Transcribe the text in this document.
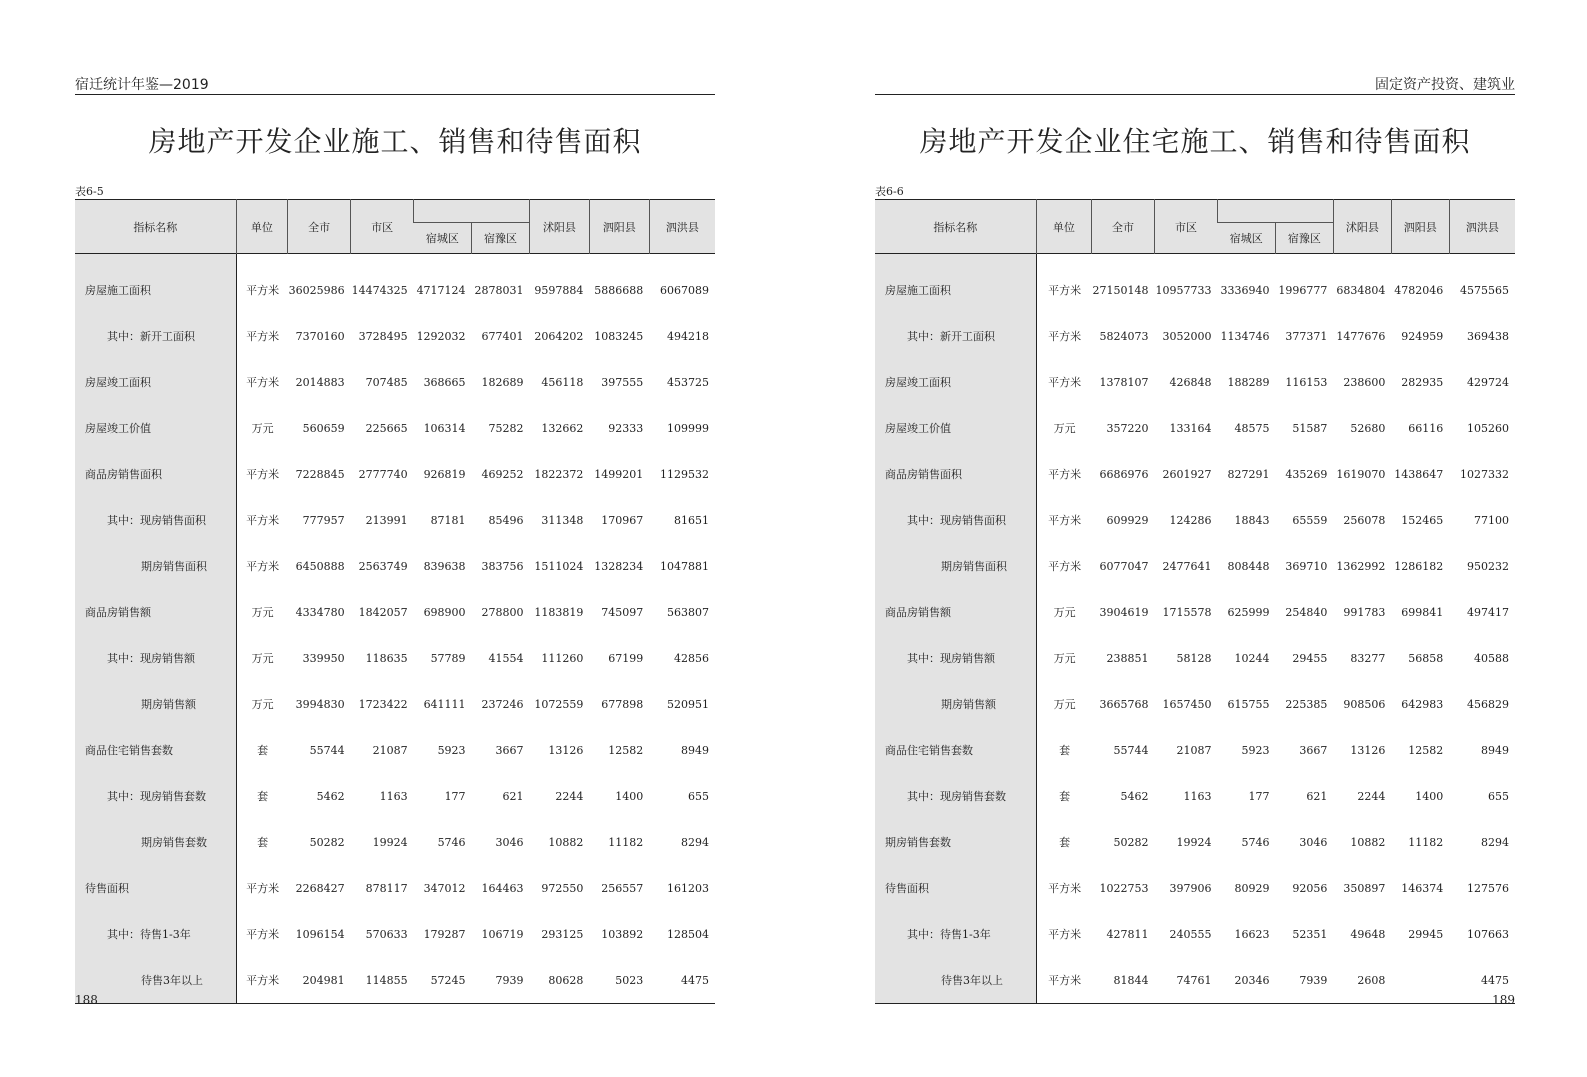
宿迁统计年鉴—2019
房地产开发企业施工、销售和待售面积
表6-5
指标名称	单位	全市	市区			沭阳县	泗阳县	泗洪县
				宿城区	宿豫区			
房屋施工面积	平方米	36025986	14474325	4717124	2878031	9597884	5886688	6067089
其中：新开工面积	平方米	7370160	3728495	1292032	677401	2064202	1083245	494218
房屋竣工面积	平方米	2014883	707485	368665	182689	456118	397555	453725
房屋竣工价值	万元	560659	225665	106314	75282	132662	92333	109999
商品房销售面积	平方米	7228845	2777740	926819	469252	1822372	1499201	1129532
其中：现房销售面积	平方米	777957	213991	87181	85496	311348	170967	81651
期房销售面积	平方米	6450888	2563749	839638	383756	1511024	1328234	1047881
商品房销售额	万元	4334780	1842057	698900	278800	1183819	745097	563807
其中：现房销售额	万元	339950	118635	57789	41554	111260	67199	42856
期房销售额	万元	3994830	1723422	641111	237246	1072559	677898	520951
商品住宅销售套数	套	55744	21087	5923	3667	13126	12582	8949
其中：现房销售套数	套	5462	1163	177	621	2244	1400	655
期房销售套数	套	50282	19924	5746	3046	10882	11182	8294
待售面积	平方米	2268427	878117	347012	164463	972550	256557	161203
其中：待售1-3年	平方米	1096154	570633	179287	106719	293125	103892	128504
待售3年以上	平方米	204981	114855	57245	7939	80628	5023	4475
188
固定资产投资、建筑业
房地产开发企业住宅施工、销售和待售面积
表6-6
指标名称	单位	全市	市区			沭阳县	泗阳县	泗洪县
				宿城区	宿豫区			
房屋施工面积	平方米	27150148	10957733	3336940	1996777	6834804	4782046	4575565
其中：新开工面积	平方米	5824073	3052000	1134746	377371	1477676	924959	369438
房屋竣工面积	平方米	1378107	426848	188289	116153	238600	282935	429724
房屋竣工价值	万元	357220	133164	48575	51587	52680	66116	105260
商品房销售面积	平方米	6686976	2601927	827291	435269	1619070	1438647	1027332
其中：现房销售面积	平方米	609929	124286	18843	65559	256078	152465	77100
期房销售面积	平方米	6077047	2477641	808448	369710	1362992	1286182	950232
商品房销售额	万元	3904619	1715578	625999	254840	991783	699841	497417
其中：现房销售额	万元	238851	58128	10244	29455	83277	56858	40588
期房销售额	万元	3665768	1657450	615755	225385	908506	642983	456829
商品住宅销售套数	套	55744	21087	5923	3667	13126	12582	8949
其中：现房销售套数	套	5462	1163	177	621	2244	1400	655
期房销售套数	套	50282	19924	5746	3046	10882	11182	8294
待售面积	平方米	1022753	397906	80929	92056	350897	146374	127576
其中：待售1-3年	平方米	427811	240555	16623	52351	49648	29945	107663
待售3年以上	平方米	81844	74761	20346	7939	2608		4475
189
